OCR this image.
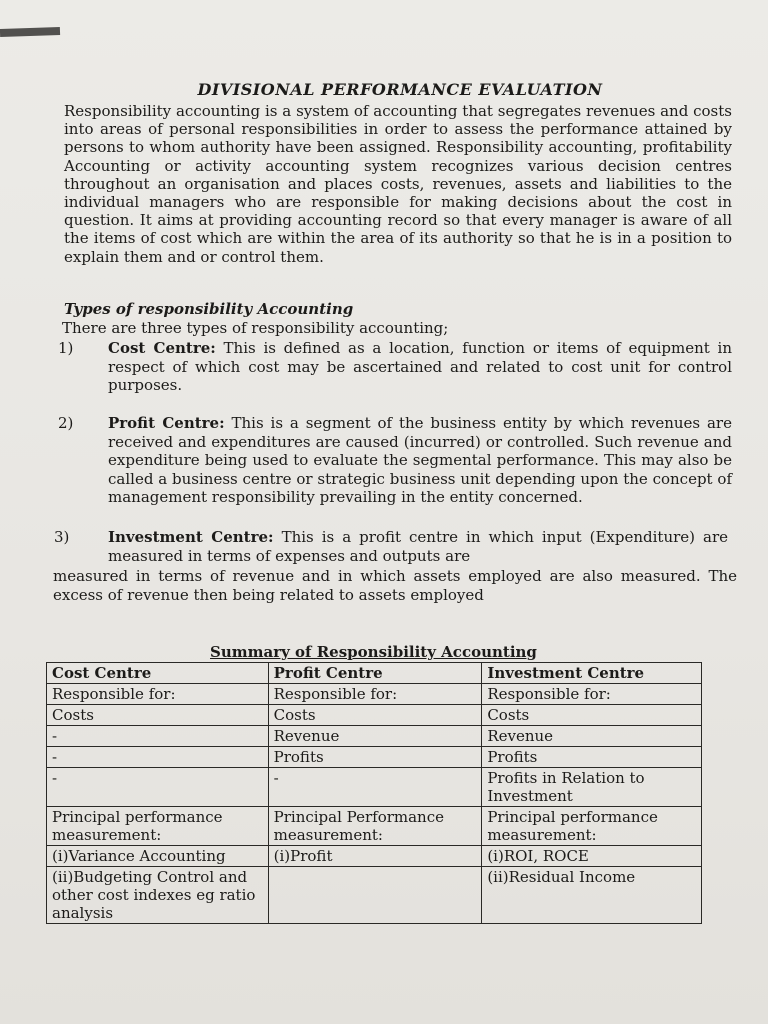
DIVISIONAL PERFORMANCE EVALUATION
Responsibility accounting is a system of accounting that segregates revenues and costs into areas of personal responsibilities in order to assess the performance attained by persons to whom authority have been assigned. Responsibility accounting, profitability Accounting or activity accounting system recognizes various decision centres throughout an organisation and places costs, revenues, assets and liabilities to the individual managers who are responsible for making decisions about the cost in question. It aims at providing accounting record so that every manager is aware of all the items of cost which are within the area of its authority so that he is in a position to explain them and or control them.
Types of responsibility Accounting
There are three types of responsibility accounting;
1) Cost Centre: This is defined as a location, function or items of equipment in respect of which cost may be ascertained and related to cost unit for control purposes.
2) Profit Centre: This is a segment of the business entity by which revenues are received and expenditures are caused (incurred) or controlled. Such revenue and expenditure being used to evaluate the segmental performance. This may also be called a business centre or strategic business unit depending upon the concept of management responsibility prevailing in the entity concerned.
3)	Investment Centre: This is a profit centre in which input (Expenditure) are measured in terms of expenses and outputs are
measured in terms of revenue and in which assets employed are also measured. The excess of revenue then being related to assets employed
Summary of Responsibility Accounting
Cost Centre	Profit Centre	Investment Centre
Responsible for:	Responsible for:	Responsible for:
Costs	Costs	Costs
-	Revenue	Revenue
-	Profits	Profits
-	-	Profits in Relation to Investment
Principal performance measurement:	Principal Performance measurement:	Principal performance measurement:
(i)Variance Accounting	(i)Profit	(i)ROI, ROCE
(ii)Budgeting Control and other cost indexes eg ratio analysis		(ii)Residual Income
